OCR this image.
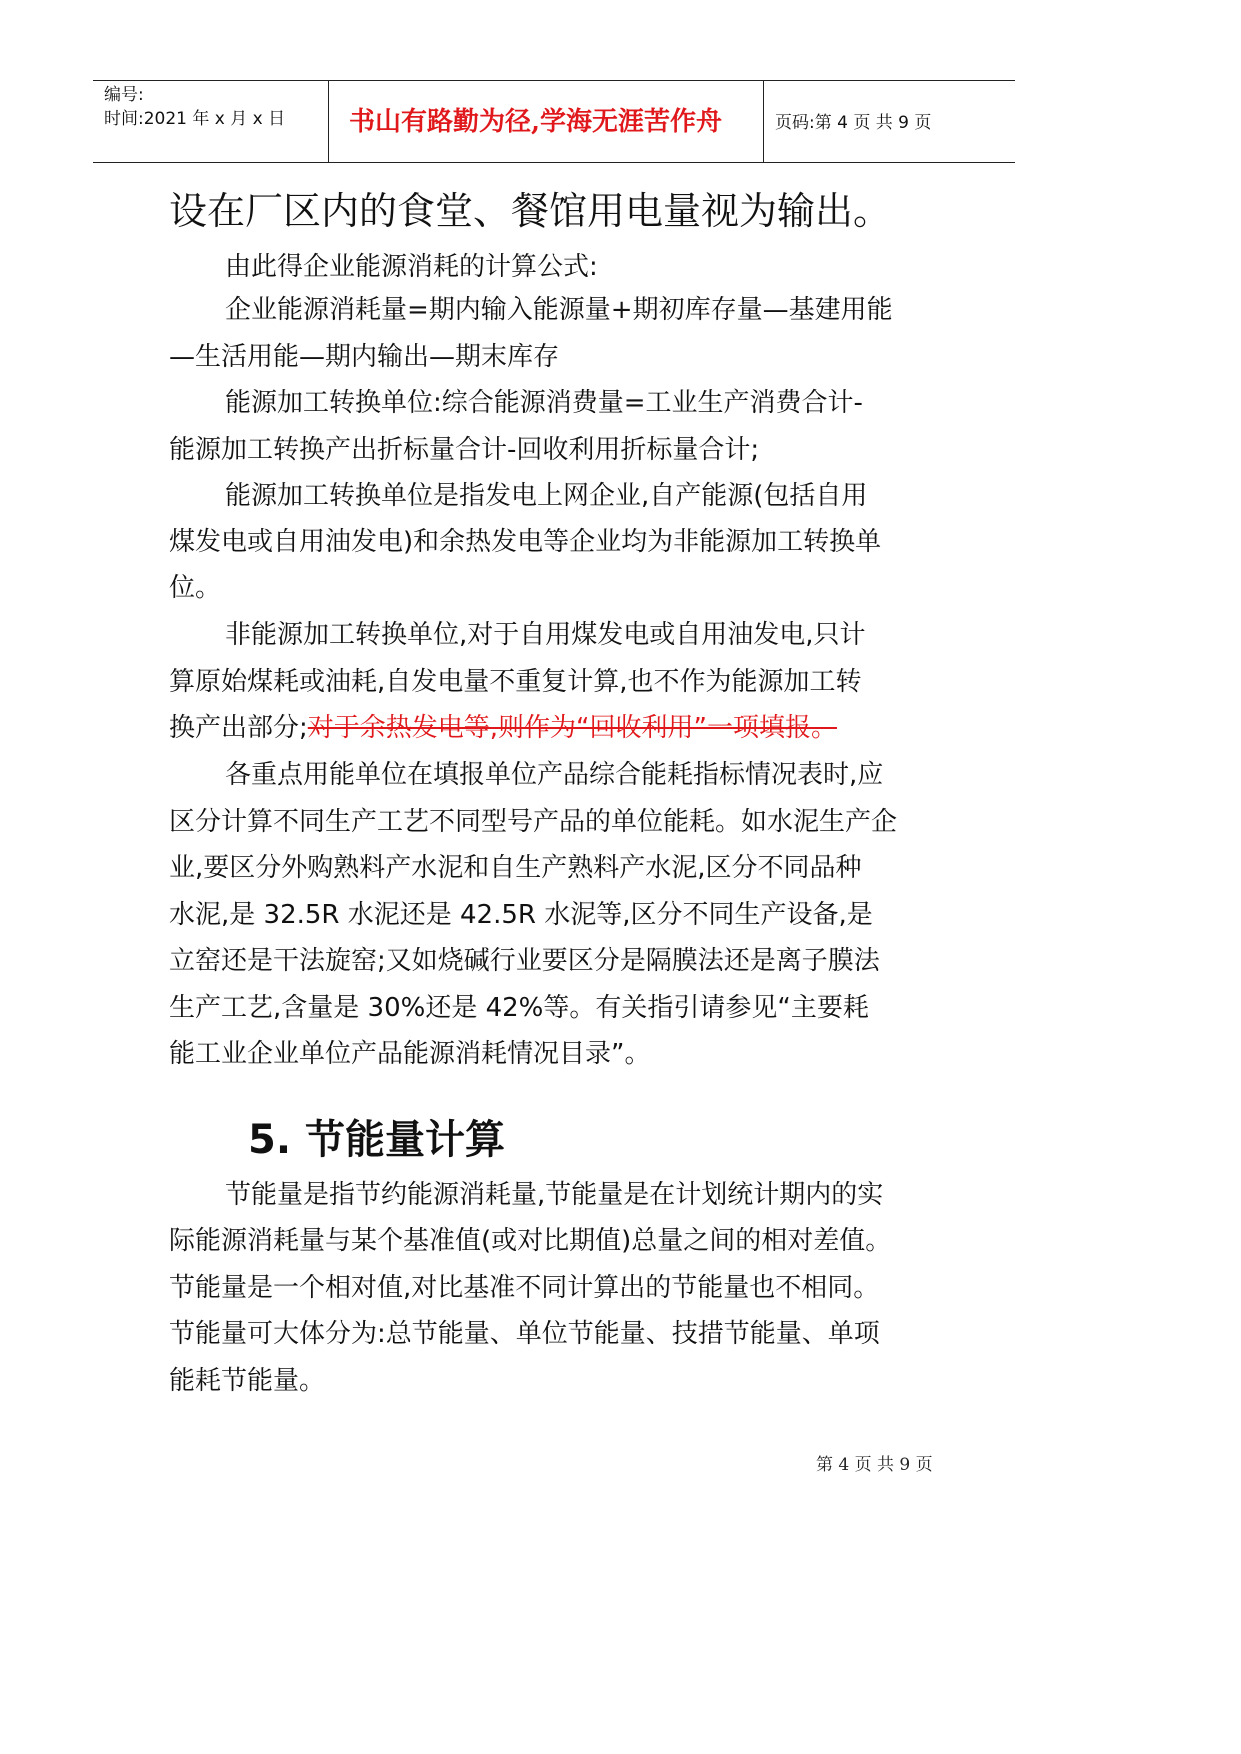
编号:
时间:2021 年 x 月 x 日 书山有路勤为径,学海无涯苦作舟	页码:第 4 页 共 9 页
设在厂区内的食堂、餐馆用电量视为输出。
由此得企业能源消耗的计算公式:
企业能源消耗量=期内输入能源量+期初库存量—基建用能
—生活用能—期内输出—期末库存
能源加工转换单位:综合能源消费量=工业生产消费合计-
能源加工转换产出折标量合计-回收利用折标量合计;
能源加工转换单位是指发电上网企业,自产能源(包括自用
煤发电或自用油发电)和余热发电等企业均为非能源加工转换单
位。
非能源加工转换单位,对于自用煤发电或自用油发电,只计
算原始煤耗或油耗,自发电量不重复计算,也不作为能源加工转
换产出部分;对于余热发电等,则作为“回收利用”一项填报。
各重点用能单位在填报单位产品综合能耗指标情况表时,应
区分计算不同生产工艺不同型号产品的单位能耗。如水泥生产企
业,要区分外购熟料产水泥和自生产熟料产水泥,区分不同品种
水泥,是 32.5R 水泥还是 42.5R 水泥等,区分不同生产设备,是
立窑还是干法旋窑;又如烧碱行业要区分是隔膜法还是离子膜法
生产工艺,含量是 30%还是 42%等。有关指引请参见“主要耗
能工业企业单位产品能源消耗情况目录”。
5. 节能量计算
节能量是指节约能源消耗量,节能量是在计划统计期内的实
际能源消耗量与某个基准值(或对比期值)总量之间的相对差值。
节能量是一个相对值,对比基准不同计算出的节能量也不相同。
节能量可大体分为:总节能量、单位节能量、技措节能量、单项
能耗节能量。
第 4 页 共 9 页
